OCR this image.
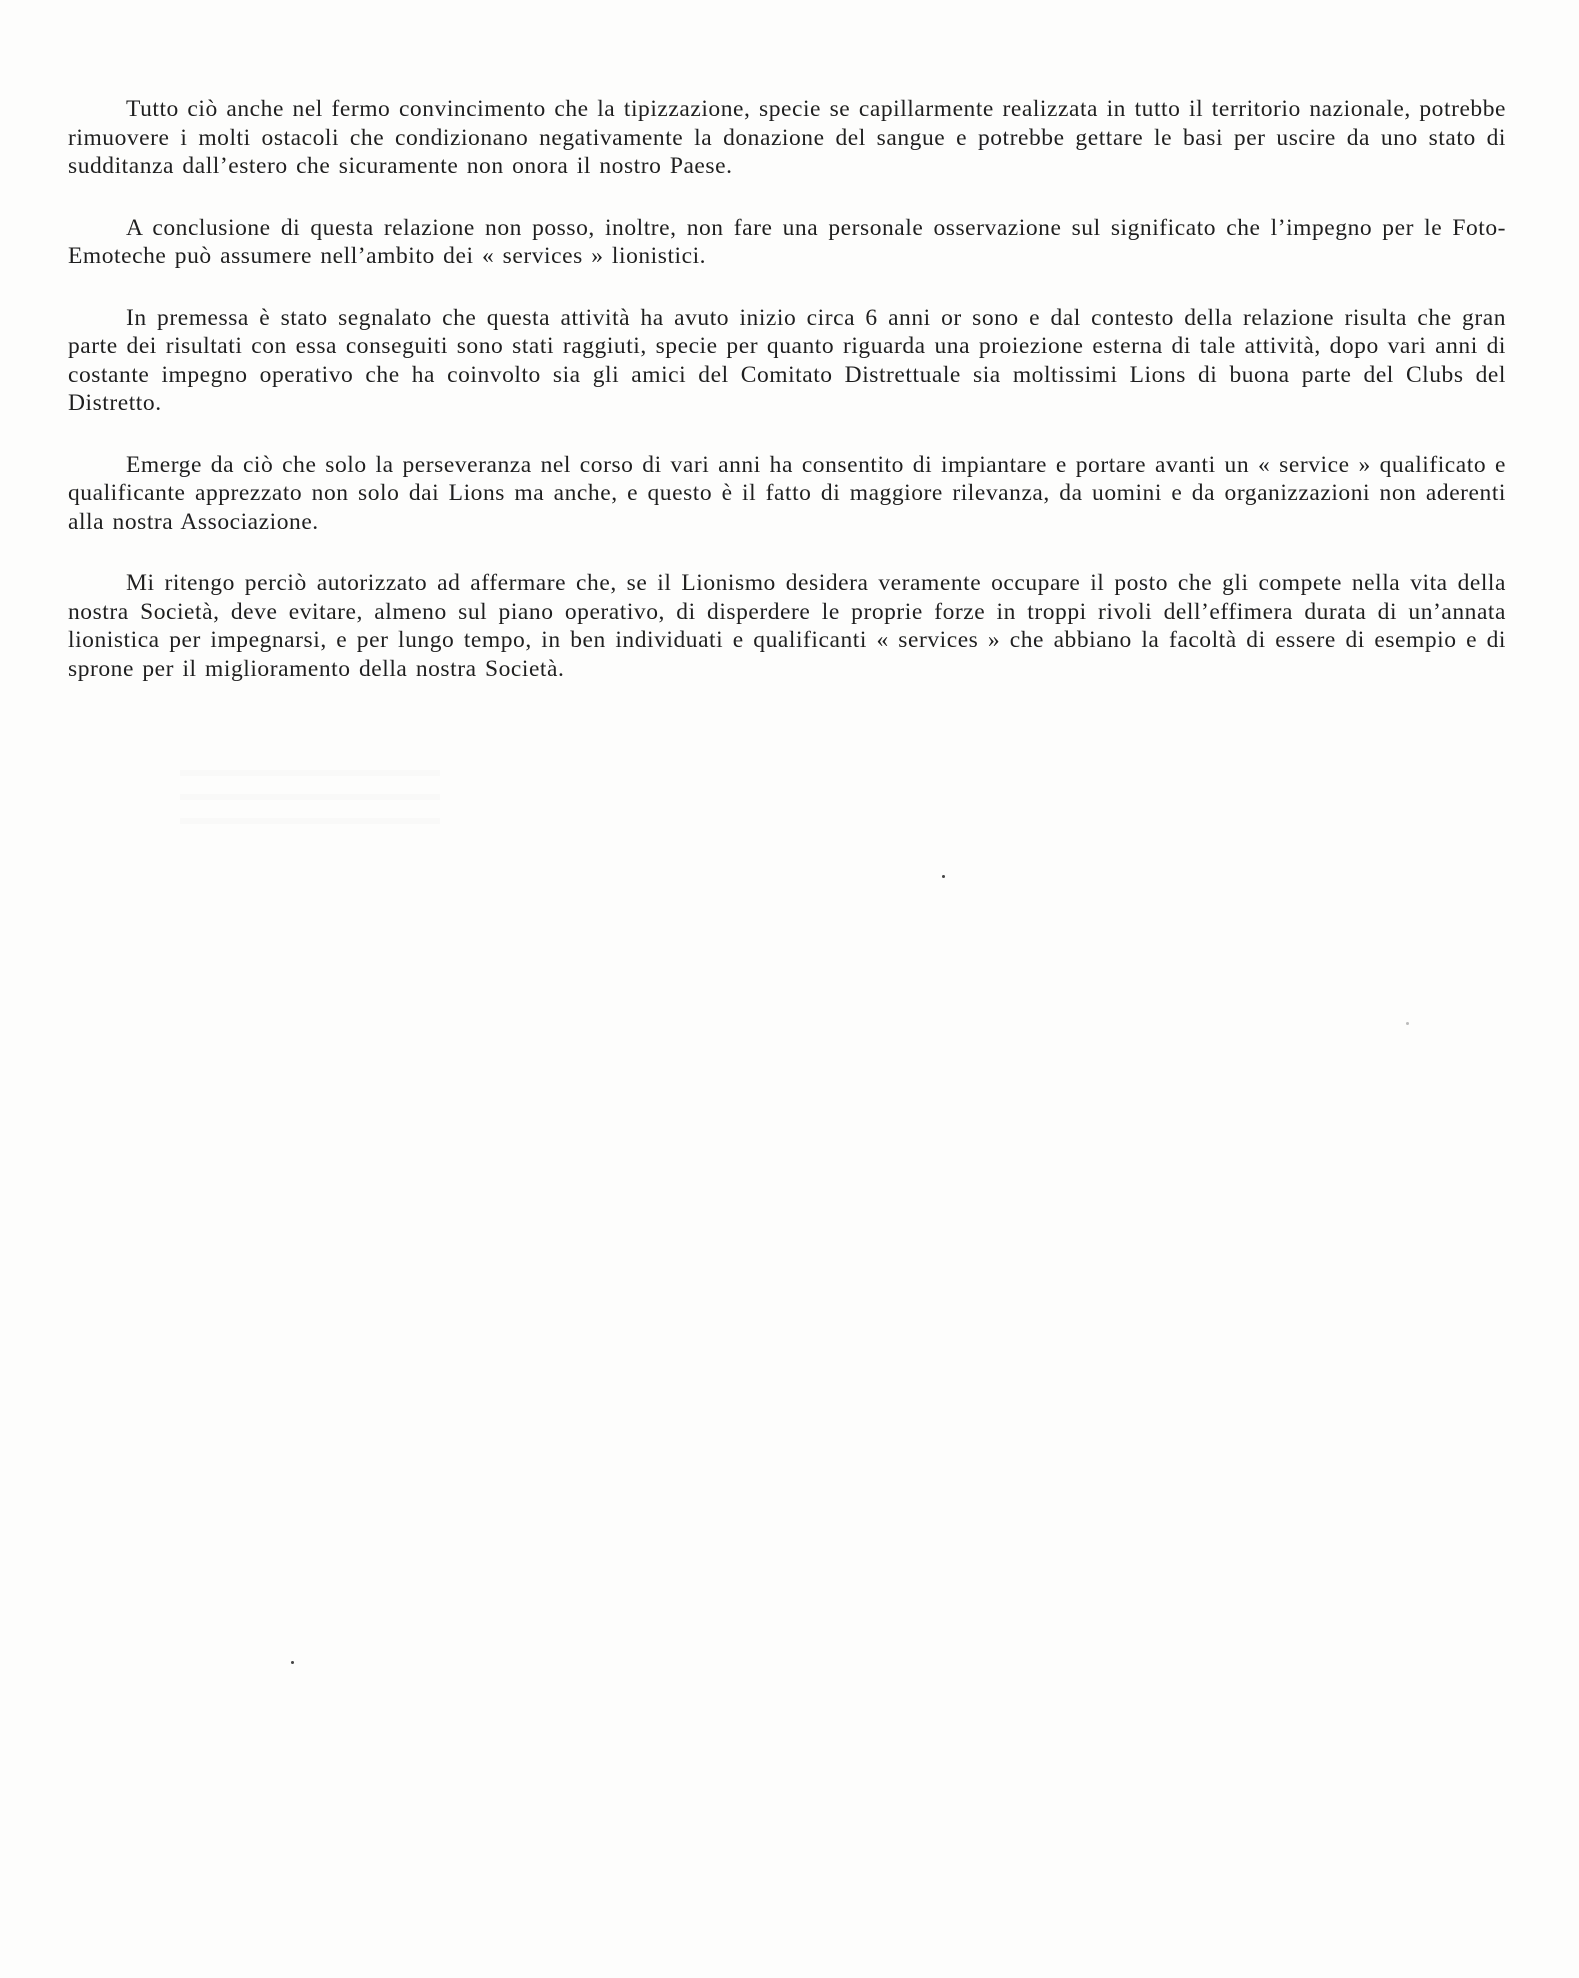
Tutto ciò anche nel fermo convincimento che la tipizzazione, specie se capillarmente realizzata in tutto il territorio nazionale, potrebbe rimuovere i molti ostacoli che condizionano negativamente la donazione del sangue e potrebbe gettare le basi per uscire da uno stato di sudditanza dall’estero che sicuramente non onora il nostro Paese.

A conclusione di questa relazione non posso, inoltre, non fare una personale osservazione sul significato che l’impegno per le Foto-Emoteche può assumere nell’ambito dei « services » lionistici.

In premessa è stato segnalato che questa attività ha avuto inizio circa 6 anni or sono e dal contesto della relazione risulta che gran parte dei risultati con essa conseguiti sono stati raggiuti, specie per quanto riguarda una proiezione esterna di tale attività, dopo vari anni di costante impegno operativo che ha coinvolto sia gli amici del Comitato Distrettuale sia moltissimi Lions di buona parte del Clubs del Distretto.

Emerge da ciò che solo la perseveranza nel corso di vari anni ha consentito di impiantare e portare avanti un « service » qualificato e qualificante apprezzato non solo dai Lions ma anche, e questo è il fatto di maggiore rilevanza, da uomini e da organizzazioni non aderenti alla nostra Associazione.

Mi ritengo perciò autorizzato ad affermare che, se il Lionismo desidera veramente occupare il posto che gli compete nella vita della nostra Società, deve evitare, almeno sul piano operativo, di disperdere le proprie forze in troppi rivoli dell’effimera durata di un’annata lionistica per impegnarsi, e per lungo tempo, in ben individuati e qualificanti « services » che abbiano la facoltà di essere di esempio e di sprone per il miglioramento della nostra Società.
